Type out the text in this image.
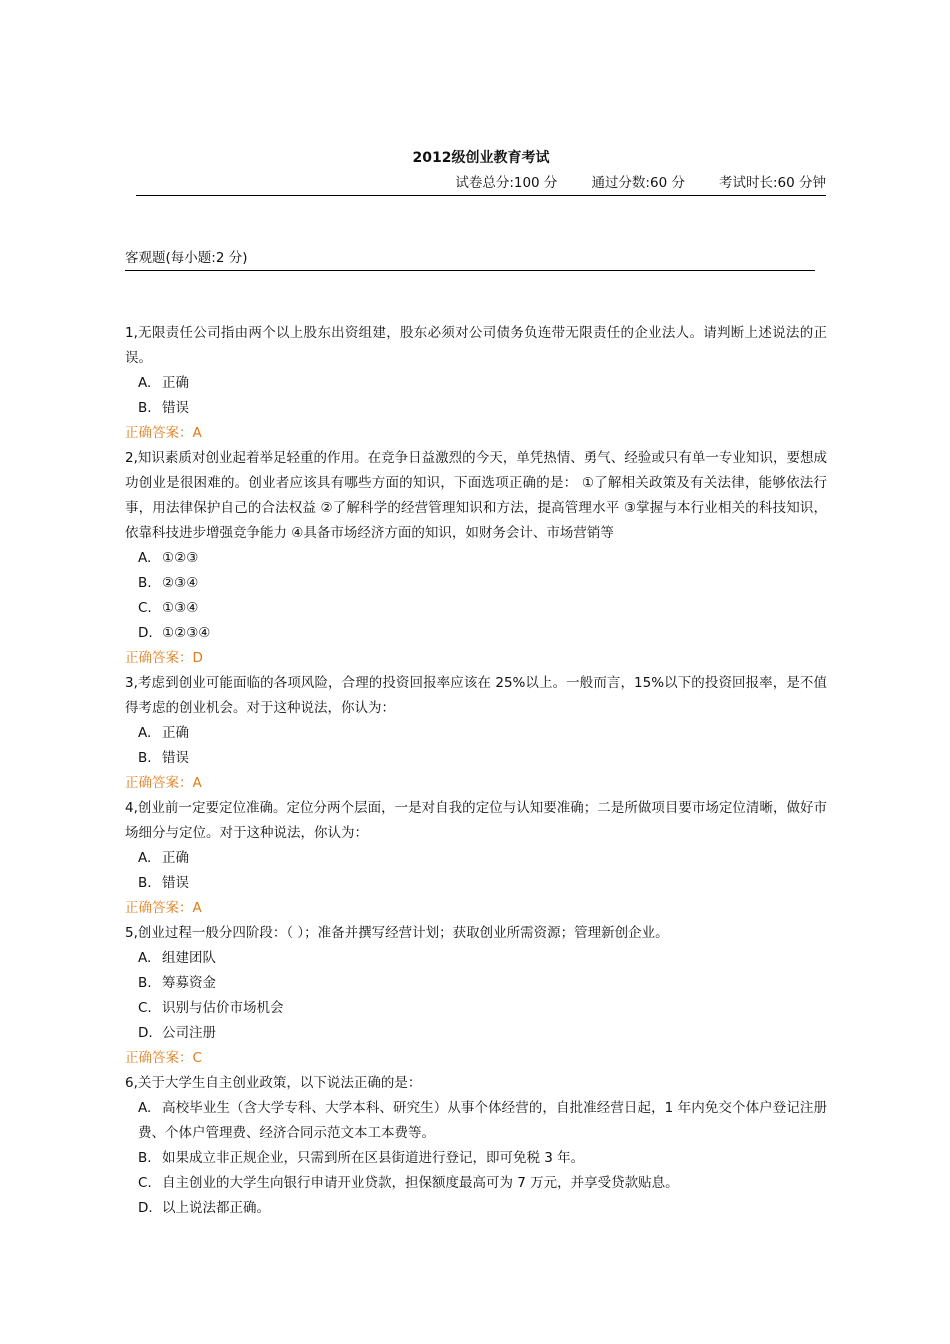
2012级创业教育考试
试卷总分:100 分	通过分数:60 分	考试时长:60 分钟
客观题(每小题:2 分)

1,无限责任公司指由两个以上股东出资组建，股东必须对公司债务负连带无限责任的企业法人。请判断上述说法的正误。

A. 正确

B. 错误

正确答案：A

2,知识素质对创业起着举足轻重的作用。在竞争日益激烈的今天，单凭热情、勇气、经验或只有单一专业知识，要想成功创业是很困难的。创业者应该具有哪些方面的知识，下面选项正确的是： ①了解相关政策及有关法律，能够依法行事，用法律保护自己的合法权益 ②了解科学的经营管理知识和方法，提高管理水平 ③掌握与本行业相关的科技知识，依靠科技进步增强竞争能力 ④具备市场经济方面的知识，如财务会计、市场营销等

A. ①②③

B. ②③④

C. ①③④

D. ①②③④

正确答案：D

3,考虑到创业可能面临的各项风险，合理的投资回报率应该在 25%以上。一般而言，15%以下的投资回报率，是不值得考虑的创业机会。对于这种说法，你认为：

A. 正确

B. 错误

正确答案：A

4,创业前一定要定位准确。定位分两个层面，一是对自我的定位与认知要准确；二是所做项目要市场定位清晰，做好市场细分与定位。对于这种说法，你认为：

A. 正确

B. 错误

正确答案：A

5,创业过程一般分四阶段：（ ）；准备并撰写经营计划；获取创业所需资源；管理新创企业。

A. 组建团队

B. 筹募资金

C. 识别与估价市场机会

D. 公司注册

正确答案：C

6,关于大学生自主创业政策，以下说法正确的是：

A. 高校毕业生（含大学专科、大学本科、研究生）从事个体经营的，自批准经营日起，1 年内免交个体户登记注册费、个体户管理费、经济合同示范文本工本费等。

B. 如果成立非正规企业，只需到所在区县街道进行登记，即可免税 3 年。

C. 自主创业的大学生向银行申请开业贷款，担保额度最高可为 7 万元，并享受贷款贴息。

D. 以上说法都正确。
